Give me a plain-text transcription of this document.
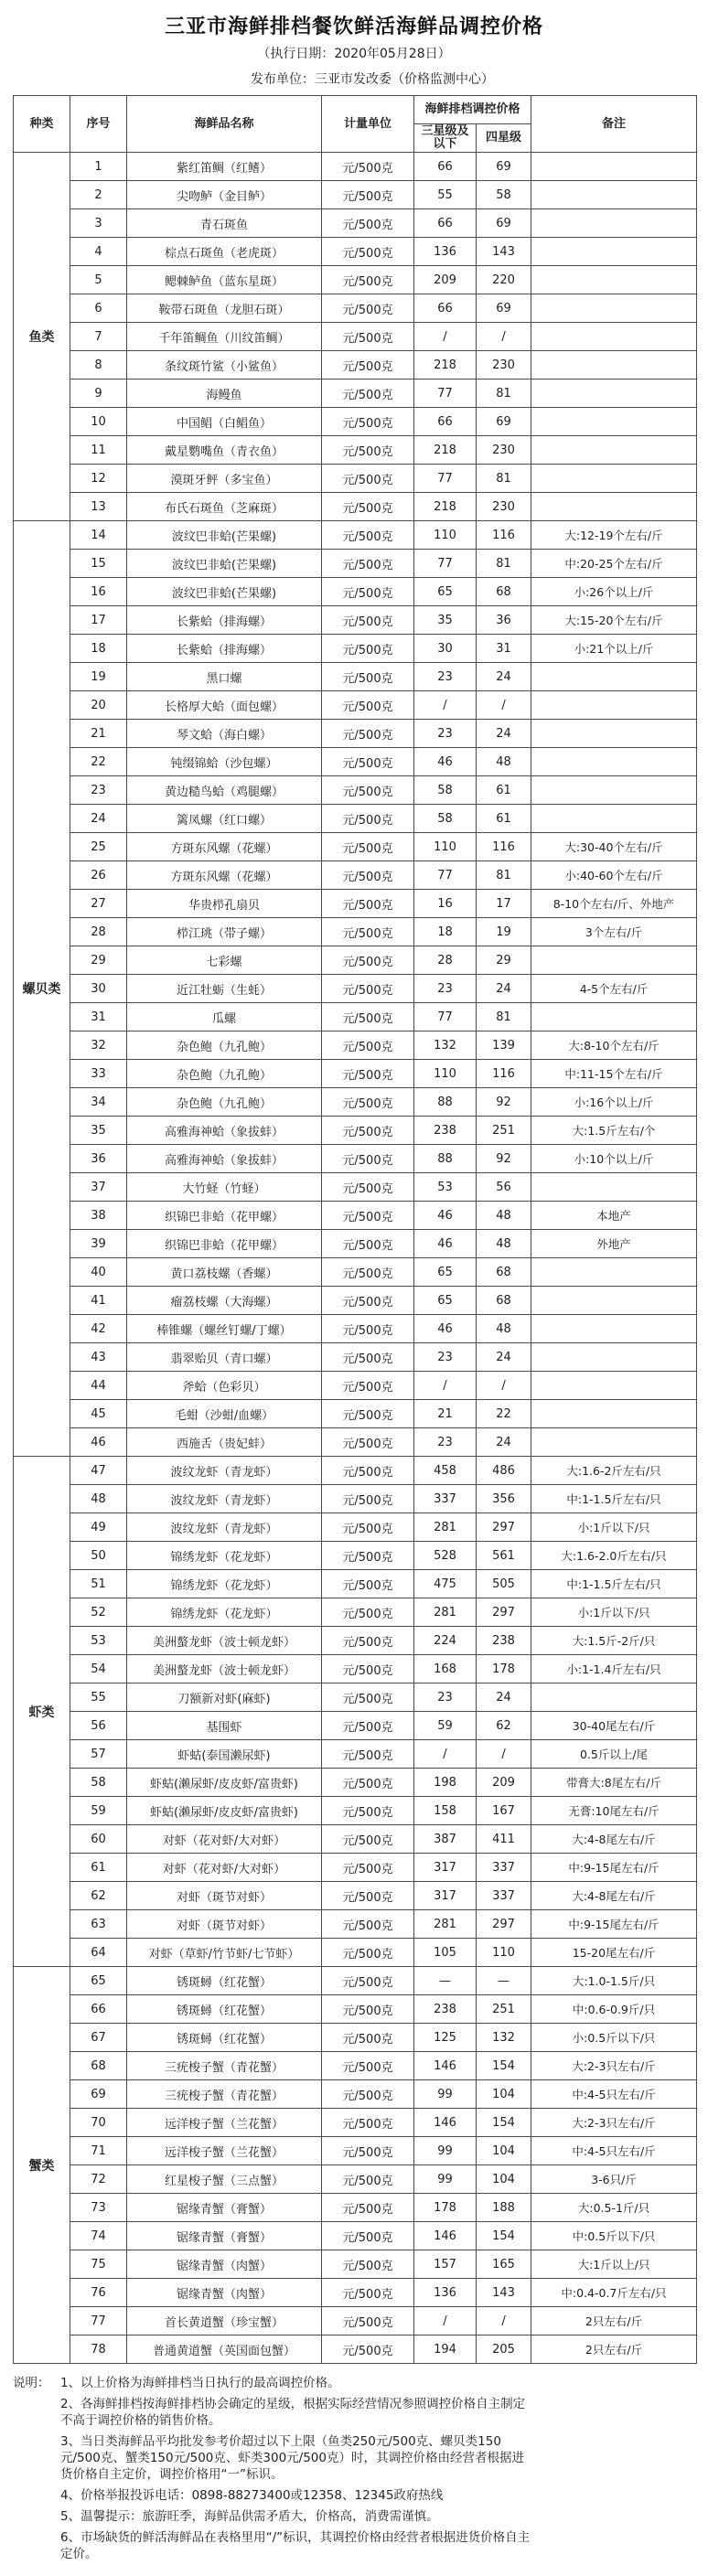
三亚市海鲜排档餐饮鲜活海鲜品调控价格
（执行日期：2020年05月28日）
发布单位：三亚市发改委（价格监测中心）
种类	序号	海鲜品名称	计量单位	海鲜排档调控价格		备注
				三星级及以下	四星级	
鱼类	1	紫红笛鲷（红鳍）	元/500克	66	69	
	2	尖吻鲈（金目鲈）	元/500克	55	58	
	3	青石斑鱼	元/500克	66	69	
	4	棕点石斑鱼（老虎斑）	元/500克	136	143	
	5	鳃棘鲈鱼（蓝东星斑）	元/500克	209	220	
	6	鞍带石斑鱼（龙胆石斑）	元/500克	66	69	
	7	千年笛鲷鱼（川纹笛鲷）	元/500克	/	/	
	8	条纹斑竹鲨（小鲨鱼）	元/500克	218	230	
	9	海鳗鱼	元/500克	77	81	
	10	中国鲳（白鲳鱼）	元/500克	66	69	
	11	戴星鹦嘴鱼（青衣鱼）	元/500克	218	230	
	12	漠斑牙鲆（多宝鱼）	元/500克	77	81	
	13	布氏石斑鱼（芝麻斑）	元/500克	218	230	
螺贝类	14	波纹巴非蛤(芒果螺)	元/500克	110	116	大:12-19个左右/斤
	15	波纹巴非蛤(芒果螺)	元/500克	77	81	中:20-25个左右/斤
	16	波纹巴非蛤(芒果螺)	元/500克	65	68	小:26个以上/斤
	17	长紫蛤（排海螺）	元/500克	35	36	大:15-20个左右/斤
	18	长紫蛤（排海螺）	元/500克	30	31	小:21个以上/斤
	19	黑口螺	元/500克	23	24	
	20	长格厚大蛤（面包螺）	元/500克	/	/	
	21	琴文蛤（海白螺）	元/500克	23	24	
	22	钝缀锦蛤（沙包螺）	元/500克	46	48	
	23	黄边糙鸟蛤（鸡腿螺）	元/500克	58	61	
	24	篱凤螺（红口螺）	元/500克	58	61	
	25	方斑东风螺（花螺）	元/500克	110	116	大:30-40个左右/斤
	26	方斑东风螺（花螺）	元/500克	77	81	小:40-60个左右/斤
	27	华贵栉孔扇贝	元/500克	16	17	8-10个左右/斤、外地产
	28	栉江珧（带子螺）	元/500克	18	19	3个左右/斤
	29	七彩螺	元/500克	28	29	
	30	近江牡蛎（生蚝）	元/500克	23	24	4-5个左右/斤
	31	瓜螺	元/500克	77	81	
	32	杂色鲍（九孔鲍）	元/500克	132	139	大:8-10个左右/斤
	33	杂色鲍（九孔鲍）	元/500克	110	116	中:11-15个左右/斤
	34	杂色鲍（九孔鲍）	元/500克	88	92	小:16个以上/斤
	35	高雅海神蛤（象拔蚌）	元/500克	238	251	大:1.5斤左右/个
	36	高雅海神蛤（象拔蚌）	元/500克	88	92	小:10个以上/斤
	37	大竹蛏（竹蛏）	元/500克	53	56	
	38	织锦巴非蛤（花甲螺）	元/500克	46	48	本地产
	39	织锦巴非蛤（花甲螺）	元/500克	46	48	外地产
	40	黄口荔枝螺（香螺）	元/500克	65	68	
	41	瘤荔枝螺（大海螺）	元/500克	65	68	
	42	棒锥螺（螺丝钉螺/丁螺）	元/500克	46	48	
	43	翡翠贻贝（青口螺）	元/500克	23	24	
	44	斧蛤（色彩贝）	元/500克	/	/	
	45	毛蚶（沙蚶/血螺）	元/500克	21	22	
	46	西施舌（贵妃蚌）	元/500克	23	24	
虾类	47	波纹龙虾（青龙虾）	元/500克	458	486	大:1.6-2斤左右/只
	48	波纹龙虾（青龙虾）	元/500克	337	356	中:1-1.5斤左右/只
	49	波纹龙虾（青龙虾）	元/500克	281	297	小:1斤以下/只
	50	锦绣龙虾（花龙虾）	元/500克	528	561	大:1.6-2.0斤左右/只
	51	锦绣龙虾（花龙虾）	元/500克	475	505	中:1-1.5斤左右/只
	52	锦绣龙虾（花龙虾）	元/500克	281	297	小:1斤以下/只
	53	美洲螯龙虾（波士顿龙虾）	元/500克	224	238	大:1.5斤-2斤/只
	54	美洲螯龙虾（波士顿龙虾）	元/500克	168	178	小:1-1.4斤左右/只
	55	刀额新对虾(麻虾)	元/500克	23	24	
	56	基围虾	元/500克	59	62	30-40尾左右/斤
	57	虾蛄(泰国濑尿虾)	元/500克	/	/	0.5斤以上/尾
	58	虾蛄(濑尿虾/皮皮虾/富贵虾)	元/500克	198	209	带膏大:8尾左右/斤
	59	虾蛄(濑尿虾/皮皮虾/富贵虾)	元/500克	158	167	无膏:10尾左右/斤
	60	对虾（花对虾/大对虾）	元/500克	387	411	大:4-8尾左右/斤
	61	对虾（花对虾/大对虾）	元/500克	317	337	中:9-15尾左右/斤
	62	对虾（斑节对虾）	元/500克	317	337	大:4-8尾左右/斤
	63	对虾（斑节对虾）	元/500克	281	297	中:9-15尾左右/斤
	64	对虾（草虾/竹节虾/七节虾）	元/500克	105	110	15-20尾左右/斤
蟹类	65	锈斑蟳（红花蟹）	元/500克	—	—	大:1.0-1.5斤/只
	66	锈斑蟳（红花蟹）	元/500克	238	251	中:0.6-0.9斤/只
	67	锈斑蟳（红花蟹）	元/500克	125	132	小:0.5斤以下/只
	68	三疣梭子蟹（青花蟹）	元/500克	146	154	大:2-3只左右/斤
	69	三疣梭子蟹（青花蟹）	元/500克	99	104	中:4-5只左右/斤
	70	远洋梭子蟹（兰花蟹）	元/500克	146	154	大:2-3只左右/斤
	71	远洋梭子蟹（兰花蟹）	元/500克	99	104	中:4-5只左右/斤
	72	红星梭子蟹（三点蟹）	元/500克	99	104	3-6只/斤
	73	锯缘青蟹（膏蟹）	元/500克	178	188	大:0.5-1斤/只
	74	锯缘青蟹（膏蟹）	元/500克	146	154	中:0.5斤以下/只
	75	锯缘青蟹（肉蟹）	元/500克	157	165	大:1斤以上/只
	76	锯缘青蟹（肉蟹）	元/500克	136	143	中:0.4-0.7斤左右/只
	77	首长黄道蟹（珍宝蟹）	元/500克	/	/	2只左右/斤
	78	普通黄道蟹（英国面包蟹）	元/500克	194	205	2只左右/斤
说明： 1、以上价格为海鲜排档当日执行的最高调控价格。

2、各海鲜排档按海鲜排档协会确定的星级，根据实际经营情况参照调控价格自主制定不高于调控价格的销售价格。

3、当日类海鲜品平均批发参考价超过以下上限（鱼类250元/500克、螺贝类150元/500克、蟹类150元/500克、虾类300元/500克）时，其调控价格由经营者根据进货价格自主定价，调控价格用“一”标识。

4、价格举报投诉电话：0898-88273400或12358、12345政府热线

5、温馨提示：旅游旺季，海鲜品供需矛盾大，价格高，消费需谨慎。

6、市场缺货的鲜活海鲜品在表格里用“/”标识，其调控价格由经营者根据进货价格自主定价。
